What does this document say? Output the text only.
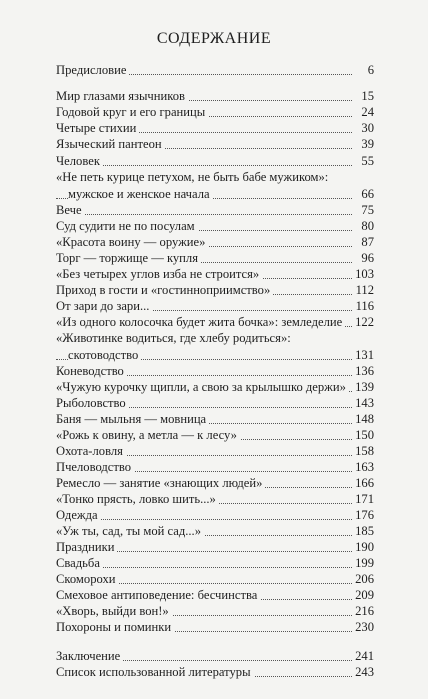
СОДЕРЖАНИЕ
Предисловие	6
Мир глазами язычников	15
Годовой круг и его границы	24
Четыре стихии	30
Языческий пантеон	39
Человек	55
«Не петь курице петухом, не быть бабе мужиком»:
мужское и женское начала	66
Вече	75
Суд судити не по посулам	80
«Красота воину — оружие»	87
Торг — торжище — купля	96
«Без четырех углов изба не строится»	103
Приход в гости и «гостинноприимство»	112
От зари до зари...	116
«Из одного колосочка будет жита бочка»: земледелие 122
«Животинке водиться, где хлебу родиться»:
скотоводство	131
Коневодство	136
«Чужую курочку щипли, а свою за крылышко держи» 139
Рыболовство	143
Баня — мыльня — мовница	148
«Рожь к овину, а метла — к лесу»	150
Охота-ловля	158
Пчеловодство	163
Ремесло — занятие «знающих людей»	166
«Тонко прясть, ловко шить...»	171
Одежда	176
«Уж ты, сад, ты мой сад...»	185
Праздники	190
Свадьба	199
Скоморохи	206
Смеховое антиповедение: бесчинства	209
«Хворь, выйди вон!»	216
Похороны и поминки	230
Заключение	241
Список использованной литературы	243
